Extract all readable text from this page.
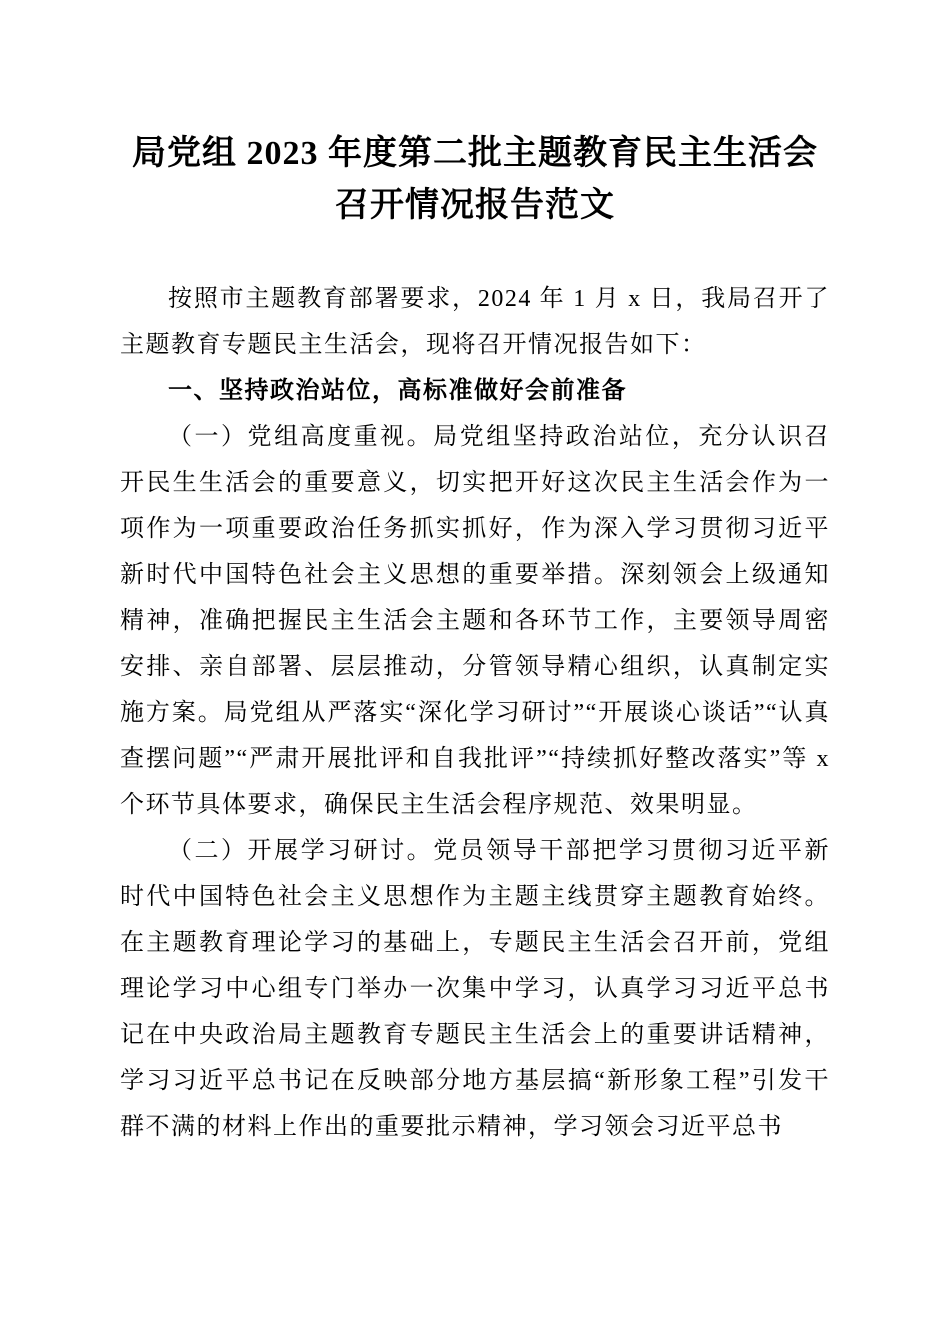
局党组 2023 年度第二批主题教育民主生活会
召开情况报告范文

按照市主题教育部署要求，2024 年 1 月 x 日，我局召开了主题教育专题民主生活会，现将召开情况报告如下：

一、坚持政治站位，高标准做好会前准备

（一）党组高度重视。局党组坚持政治站位，充分认识召开民生生活会的重要意义，切实把开好这次民主生活会作为一项作为一项重要政治任务抓实抓好，作为深入学习贯彻习近平新时代中国特色社会主义思想的重要举措。深刻领会上级通知精神，准确把握民主生活会主题和各环节工作，主要领导周密安排、亲自部署、层层推动，分管领导精心组织，认真制定实施方案。局党组从严落实“深化学习研讨”“开展谈心谈话”“认真查摆问题”“严肃开展批评和自我批评”“持续抓好整改落实”等 x 个环节具体要求，确保民主生活会程序规范、效果明显。

（二）开展学习研讨。党员领导干部把学习贯彻习近平新时代中国特色社会主义思想作为主题主线贯穿主题教育始终。在主题教育理论学习的基础上，专题民主生活会召开前，党组理论学习中心组专门举办一次集中学习，认真学习习近平总书记在中央政治局主题教育专题民主生活会上的重要讲话精神，学习习近平总书记在反映部分地方基层搞“新形象工程”引发干群不满的材料上作出的重要批示精神，学习领会习近平总书
